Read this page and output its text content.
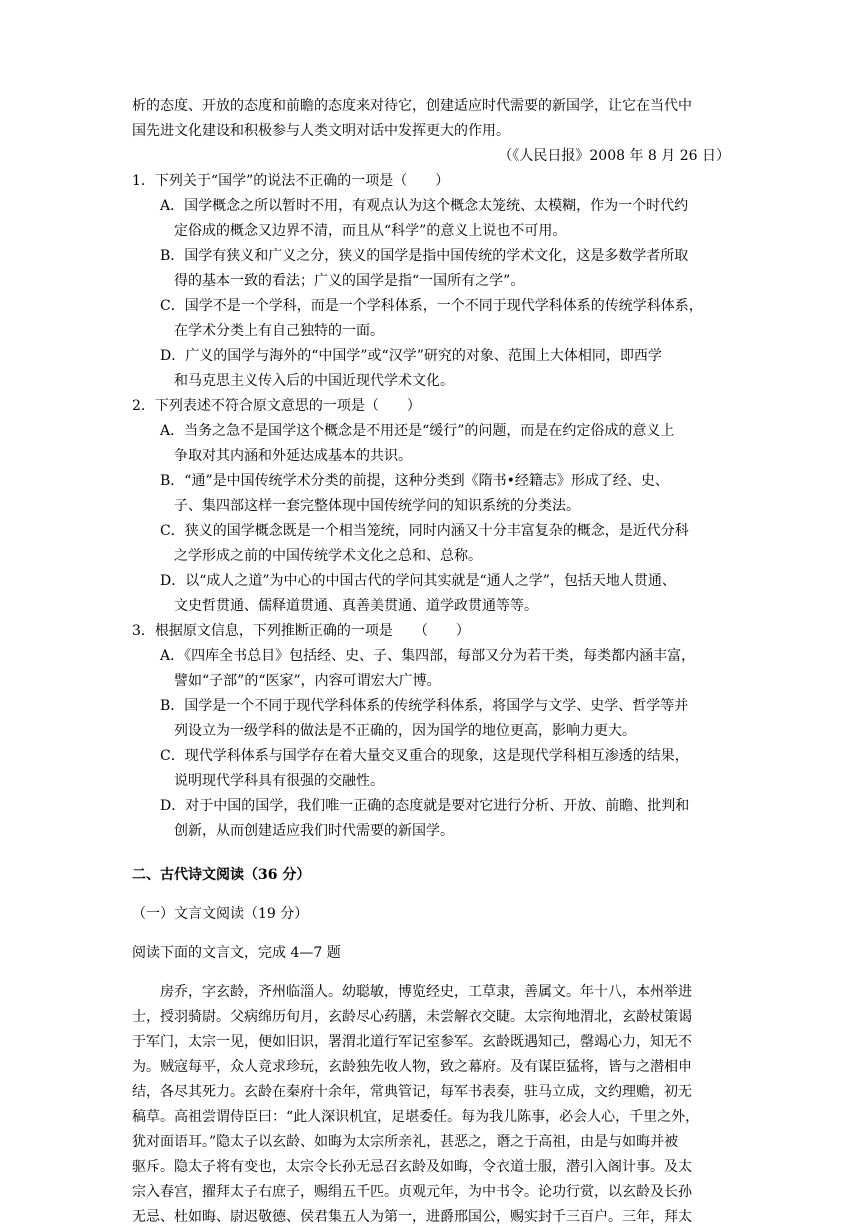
析的态度、开放的态度和前瞻的态度来对待它，创建适应时代需要的新国学，让它在当代中

国先进文化建设和积极参与人类文明对话中发挥更大的作用。

（《人民日报》2008 年 8 月 26 日）

1．下列关于“国学”的说法不正确的一项是（　　）

A．国学概念之所以暂时不用，有观点认为这个概念太笼统、太模糊，作为一个时代约

定俗成的概念又边界不清，而且从“科学”的意义上说也不可用。

B．国学有狭义和广义之分，狭义的国学是指中国传统的学术文化，这是多数学者所取

得的基本一致的看法；广义的国学是指“一国所有之学”。

C．国学不是一个学科，而是一个学科体系，一个不同于现代学科体系的传统学科体系，

在学术分类上有自己独特的一面。

D．广义的国学与海外的“中国学”或“汉学”研究的对象、范围上大体相同，即西学

和马克思主义传入后的中国近现代学术文化。

2．下列表述不符合原文意思的一项是（　　）

A．当务之急不是国学这个概念是不用还是“缓行”的问题，而是在约定俗成的意义上

争取对其内涵和外延达成基本的共识。

B．“通”是中国传统学术分类的前提，这种分类到《隋书•经籍志》形成了经、史、

子、集四部这样一套完整体现中国传统学问的知识系统的分类法。

C．狭义的国学概念既是一个相当笼统，同时内涵又十分丰富复杂的概念，是近代分科

之学形成之前的中国传统学术文化之总和、总称。

D．以“成人之道”为中心的中国古代的学问其实就是“通人之学”，包括天地人贯通、

文史哲贯通、儒释道贯通、真善美贯通、道学政贯通等等。

3．根据原文信息，下列推断正确的一项是　　（　　）

A．《四库全书总目》包括经、史、子、集四部，每部又分为若干类，每类都内涵丰富，

譬如“子部”的“医家”，内容可谓宏大广博。

B．国学是一个不同于现代学科体系的传统学科体系，将国学与文学、史学、哲学等并

列设立为一级学科的做法是不正确的，因为国学的地位更高，影响力更大。

C．现代学科体系与国学存在着大量交叉重合的现象，这是现代学科相互渗透的结果，

说明现代学科具有很强的交融性。

D．对于中国的国学，我们唯一正确的态度就是要对它进行分析、开放、前瞻、批判和

创新，从而创建适应我们时代需要的新国学。

二、古代诗文阅读（36 分）

（一）文言文阅读（19 分）

阅读下面的文言文，完成 4—7 题

房乔，字玄龄，齐州临淄人。幼聪敏，博览经史，工草隶，善属文。年十八，本州举进

士，授羽骑尉。父病绵历旬月，玄龄尽心药膳，未尝解衣交睫。太宗徇地渭北，玄龄杖策谒

于军门，太宗一见，便如旧识，署渭北道行军记室参军。玄龄既遇知己，罄竭心力，知无不

为。贼寇每平，众人竞求珍玩，玄龄独先收人物，致之幕府。及有谋臣猛将，皆与之潜相申

结，各尽其死力。玄龄在秦府十余年，常典管记，每军书表奏，驻马立成，文约理赡，初无

稿草。高祖尝谓侍臣曰：“此人深识机宜，足堪委任。每为我儿陈事，必会人心，千里之外，

犹对面语耳。”隐太子以玄龄、如晦为太宗所亲礼，甚恶之，谮之于高祖，由是与如晦并被

驱斥。隐太子将有变也，太宗令长孙无忌召玄龄及如晦，令衣道士服，潜引入阁计事。及太

宗入春宫，擢拜太子右庶子，赐绢五千匹。贞观元年，为中书令。论功行赏，以玄龄及长孙

无忌、杜如晦、尉迟敬德、侯君集五人为第一，进爵邢国公，赐实封千三百户。三年，拜太
